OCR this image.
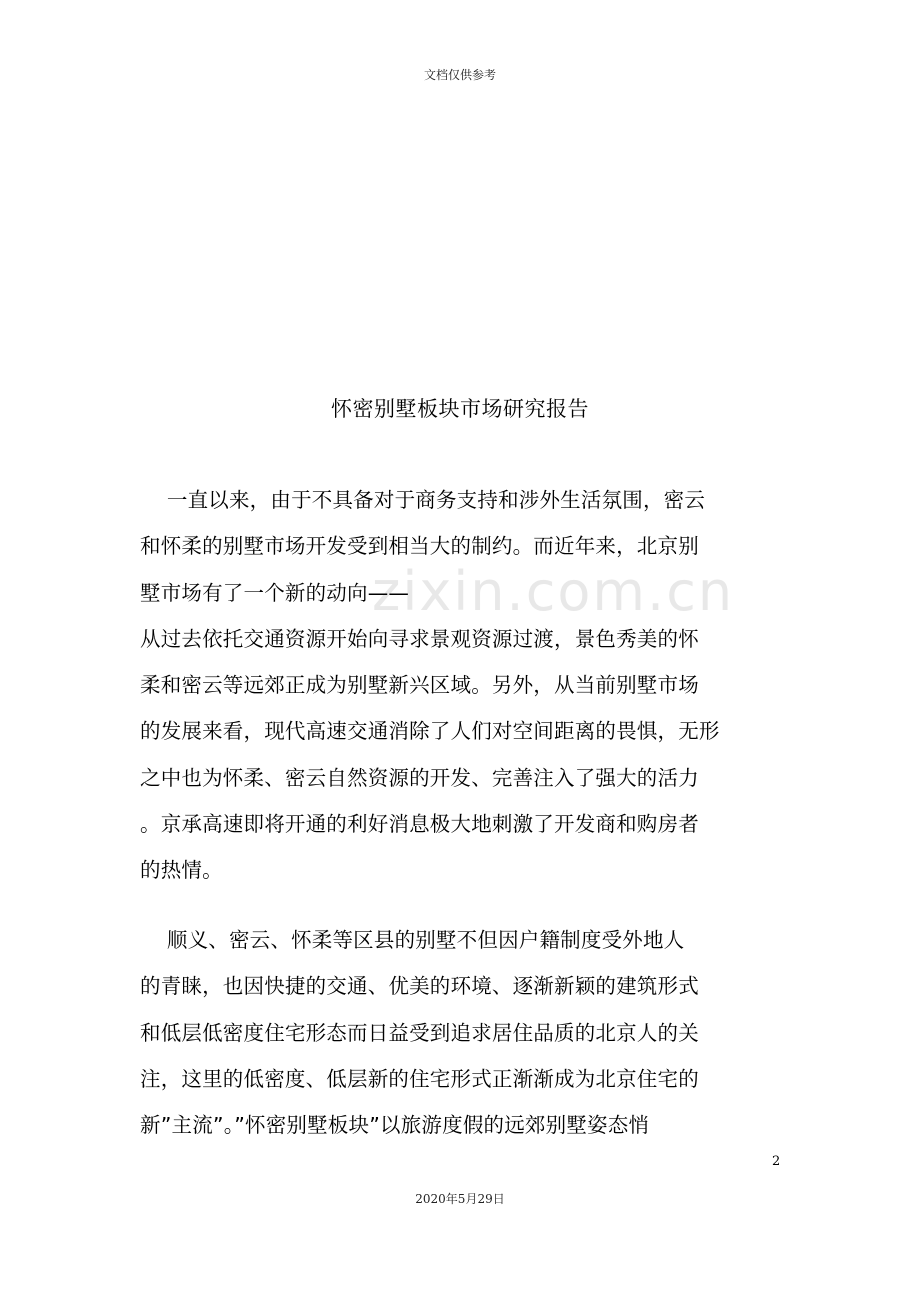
文档仅供参考
zixin.com.cn
怀密别墅板块市场研究报告
一直以来，由于不具备对于商务支持和涉外生活氛围，密云
和怀柔的别墅市场开发受到相当大的制约。而近年来，北京别
墅市场有了一个新的动向——
从过去依托交通资源开始向寻求景观资源过渡，景色秀美的怀
柔和密云等远郊正成为别墅新兴区域。另外，从当前别墅市场
的发展来看，现代高速交通消除了人们对空间距离的畏惧，无形
之中也为怀柔、密云自然资源的开发、完善注入了强大的活力
。京承高速即将开通的利好消息极大地刺激了开发商和购房者
的热情。
顺义、密云、怀柔等区县的别墅不但因户籍制度受外地人
的青睐，也因快捷的交通、优美的环境、逐渐新颖的建筑形式
和低层低密度住宅形态而日益受到追求居住品质的北京人的关
注，这里的低密度、低层新的住宅形式正渐渐成为北京住宅的
新”主流”。”怀密别墅板块”以旅游度假的远郊别墅姿态悄
2
2020年5月29日
